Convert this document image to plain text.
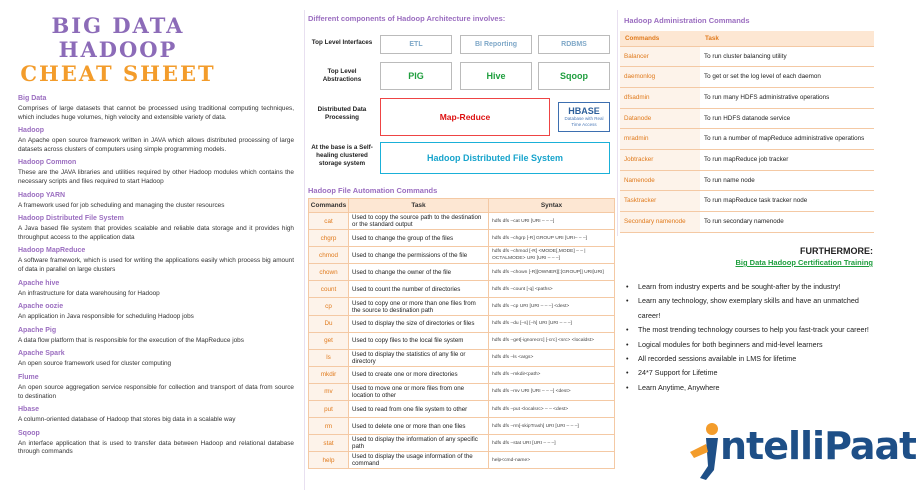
BIG DATA HADOOP
CHEAT SHEET
Big Data
Comprises of large datasets that cannot be processed using traditional computing techniques, which includes huge volumes, high velocity and extensible variety of data.
Hadoop
An Apache open source framework written in JAVA which allows distributed processing of large datasets across clusters of computers using simple programming models.
Hadoop Common
These are the JAVA libraries and utilities required by other Hadoop modules which contains the necessary scripts and files required to start Hadoop
Hadoop YARN
A framework used for job scheduling and managing the cluster resources
Hadoop Distributed File System
A Java based file system that provides scalable and reliable data storage and it provides high throughput access to the application data
Hadoop MapReduce
A software framework, which is used for writing the applications easily which process big amount of data in parallel on large clusters
Apache hive
An infrastructure for data warehousing for Hadoop
Apache oozie
An application in Java responsible for scheduling Hadoop jobs
Apache Pig
A data flow platform that is responsible for the execution of the MapReduce jobs
Apache Spark
An open source framework used for cluster computing
Flume
An open source aggregation service responsible for collection and transport of data from source to destination
Hbase
A column-oriented database of Hadoop that stores big data in a scalable way
Sqoop
An interface application that is used to transfer data between Hadoop and relational database through commands
Different components of Hadoop Architecture involves:
Top Level Interfaces	ETL	BI Reporting	RDBMS
Top Level Abstractions	PIG	Hive	Sqoop
Distributed Data Processing	Map-Reduce
HBASE
Database with Real Time Access
At the base is a Self-healing clustered storage system
Hadoop Distributed File System
Hadoop File Automation Commands
Commands	Task	Syntax
cat	Used to copy the source path to the destination or the standard output	hdfs dfs –cat URI [URI – – –]
chgrp	Used to change the group of the files	hdfs dfs –chgrp [-R] GROUP URI [URI– – –]
chmod	Used to change the permissions of the file	hdfs dfs –chmod [-R] <MODE[,MODE] – – | OCTALMODE> URI [URI – – –]
chown	Used to change the owner of the file	hdfs dfs –chown [-R][OWNER][:[GROUP]] URI[URI]
count	Used to count the number of directories	hdfs dfs –count [-q] <paths>
cp	Used to copy one or more than one files from the source to destination path	hdfs dfs –cp URI [URI – – –] <dest>
Du	Used to display the size of directories or files	hdfs dfs –du [–s] [–h] URI [URI – – –]
get	Used to copy files to the local file system	hdfs dfs –get[-ignorecrc] [-crc] <src> <localdst>
ls	Used to display the statistics of any file or directory	hdfs dfs –ls <args>
mkdir	Used to create one or more directories	hdfs dfs –mkdir<path>
mv	Used to move one or more files from one location to other	hdfs dfs –mv URI [URI – – –] <dest>
put	Used to read from one file system to other	hdfs dfs –put <localsrc> – – <dest>
rm	Used to delete one or more than one files	hdfs dfs –rm[-skipTrash] URI [URI – – –]
stat	Used to display the information of any specific path	hdfs dfs –stat URI [URI – – –]
help	Used to display the usage information of the command	help<cmd-name>
Hadoop Administration Commands
Commands	Task
Balancer	To run cluster balancing utility
daemonlog	To get or set the log level of each daemon
dfsadmin	To run many HDFS administrative operations
Datanode	To run HDFS datanode service
mradmin	To run a number of mapReduce administrative operations
Jobtracker	To run mapReduce job tracker
Namenode	To run name node
Tasktracker	To run mapReduce task tracker node
Secondary namenode	To run secondary namenode
FURTHERMORE:
Big Data Hadoop Certification Training
• Learn from industry experts and be sought-after by the industry!
• Learn any technology, show exemplary skills and have an unmatched career!
• The most trending technology courses to help you fast-track your career!
• Logical modules for both beginners and mid-level learners
• All recorded sessions available in LMS for lifetime
• 24*7 Support for Lifetime
• Learn Anytime, Anywhere
ntelliPaat
